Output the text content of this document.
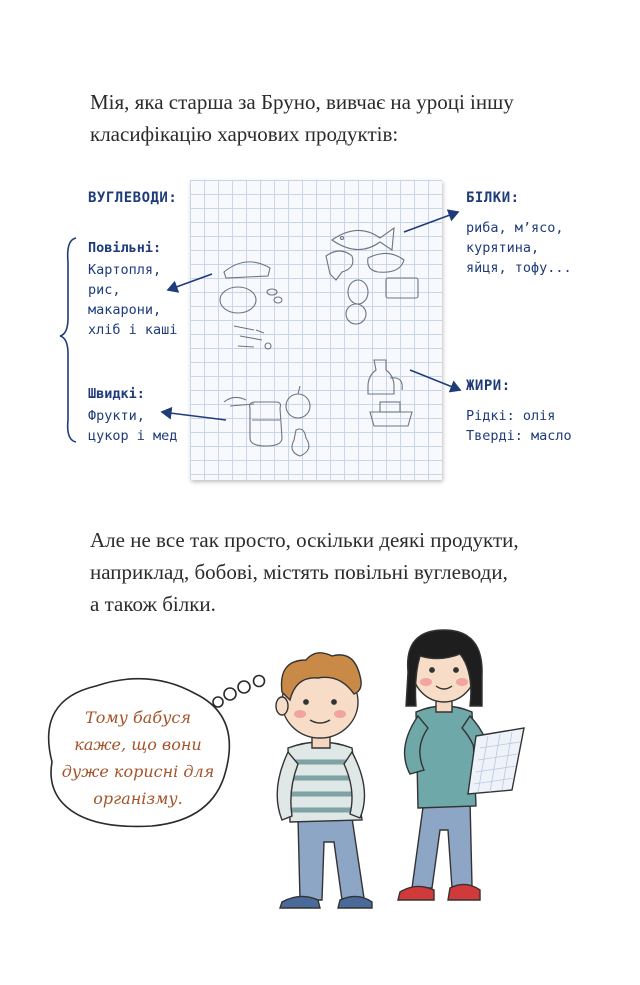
Мія, яка старша за Бруно, вивчає на уроці іншу
класифікацію харчових продуктів:
ВУГЛЕВОДИ:
Повільні:
Картопля,
рис,
макарони,
хліб і каші
Швидкі:
Фрукти,
цукор і мед
БІЛКИ:
риба, м’ясо,
курятина,
яйця, тофу...
ЖИРИ:
Рідкі: олія
Тверді: масло
Але не все так просто, оскільки деякі продукти,
наприклад, бобові, містять повільні вуглеводи,
а також білки.
Тому бабуся
каже, що вони
дуже корисні для
організму.
